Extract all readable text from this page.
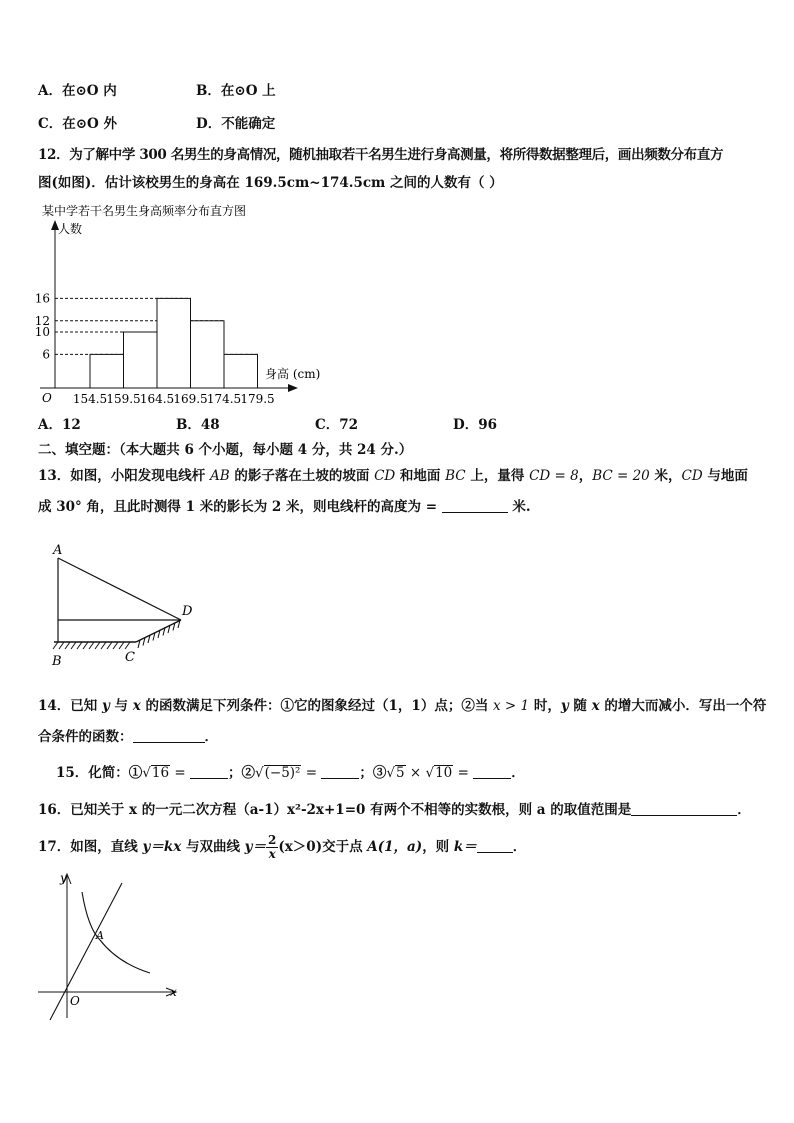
A．在⊙O 内	B．在⊙O 上
C．在⊙O 外	D．不能确定
12．为了解中学 300 名男生的身高情况，随机抽取若干名男生进行身高测量，将所得数据整理后，画出频数分布直方
图(如图)．估计该校男生的身高在 169.5cm~174.5cm 之间的人数有（ ）
某中学若干名男生身高频率分布直方图
人数
身高 (cm)
O
6
10
12
16
154.5 159.5 164.5 169.5 174.5 179.5
A．12	B．48	C．72	D．96
二、填空题：（本大题共 6 个小题，每小题 4 分，共 24 分.）
13．如图，小阳发现电线杆 AB 的影子落在土坡的坡面 CD 和地面 BC 上，量得 CD = 8，BC = 20 米，CD 与地面
成 30° 角，且此时测得 1 米的影长为 2 米，则电线杆的高度为 =	米.
A
B	C
D
14．已知 y 与 x 的函数满足下列条件：①它的图象经过（1，1）点；②当 x > 1 时，y 随 x 的增大而减小．写出一个符
合条件的函数：	．
15．化简：①√16 =	；②√(−5)² =	；③√5 × √10 =	．
16．已知关于 x 的一元二次方程（a-1）x²-2x+1=0 有两个不相等的实数根，则 a 的取值范围是	．
17．如图，直线 y＝kx 与双曲线 $y= \frac{2}{x} (x>0)$交于点 A(1，a)，则 k＝	．
y
x
O
A
